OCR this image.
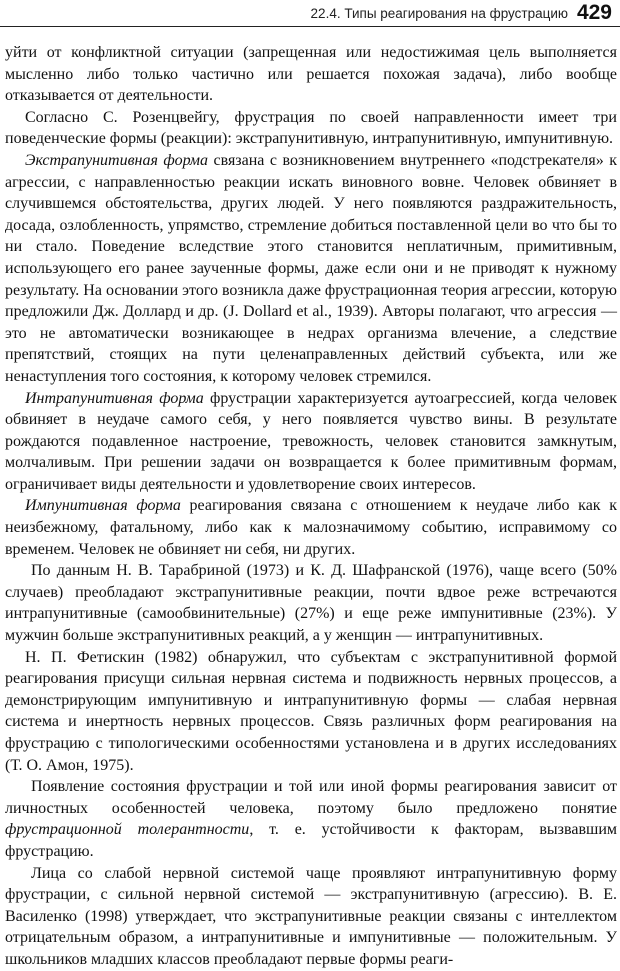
22.4. Типы реагирования на фрустрацию 429

уйти от конфликтной ситуации (запрещенная или недостижимая цель выполняется мысленно либо только частично или решается похожая задача), либо вообще отказывается от деятельности.

Согласно С. Розенцвейгу, фрустрация по своей направленности имеет три поведенческие формы (реакции): экстрапунитивную, интрапунитивную, импунитивную.

Экстрапунитивная форма связана с возникновением внутреннего «подстрекателя» к агрессии, с направленностью реакции искать виновного вовне. Человек обвиняет в случившемся обстоятельства, других людей. У него появляются раздражительность, досада, озлобленность, упрямство, стремление добиться поставленной цели во что бы то ни стало. Поведение вследствие этого становится неплатичным, примитивным, использующего его ранее заученные формы, даже если они и не приводят к нужному результату. На основании этого возникла даже фрустрационная теория агрессии, которую предложили Дж. Доллард и др. (J. Dollard et al., 1939). Авторы полагают, что агрессия — это не автоматически возникающее в недрах организма влечение, а следствие препятствий, стоящих на пути целенаправленных действий субъекта, или же ненаступления того состояния, к которому человек стремился.

Интрапунитивная форма фрустрации характеризуется аутоагрессией, когда человек обвиняет в неудаче самого себя, у него появляется чувство вины. В результате рождаются подавленное настроение, тревожность, человек становится замкнутым, молчаливым. При решении задачи он возвращается к более примитивным формам, ограничивает виды деятельности и удовлетворение своих интересов.

Импунитивная форма реагирования связана с отношением к неудаче либо как к неизбежному, фатальному, либо как к малозначимому событию, исправимому со временем. Человек не обвиняет ни себя, ни других.

По данным Н. В. Тарабриной (1973) и К. Д. Шафранской (1976), чаще всего (50% случаев) преобладают экстрапунитивные реакции, почти вдвое реже встречаются интрапунитивные (самообвинительные) (27%) и еще реже импунитивные (23%). У мужчин больше экстрапунитивных реакций, а у женщин — интрапунитивных.

Н. П. Фетискин (1982) обнаружил, что субъектам с экстрапунитивной формой реагирования присущи сильная нервная система и подвижность нервных процессов, а демонстрирующим импунитивную и интрапунитивную формы — слабая нервная система и инертность нервных процессов. Связь различных форм реагирования на фрустрацию с типологическими особенностями установлена и в других исследованиях (Т. О. Амон, 1975).

Появление состояния фрустрации и той или иной формы реагирования зависит от личностных особенностей человека, поэтому было предложено понятие фрустрационной толерантности, т. е. устойчивости к факторам, вызвавшим фрустрацию.

Лица со слабой нервной системой чаще проявляют интрапунитивную форму фрустрации, с сильной нервной системой — экстрапунитивную (агрессию). В. Е. Василенко (1998) утверждает, что экстрапунитивные реакции связаны с интеллектом отрицательным образом, а интрапунитивные и импунитивные — положительным. У школьников младших классов преобладают первые формы реаги-
